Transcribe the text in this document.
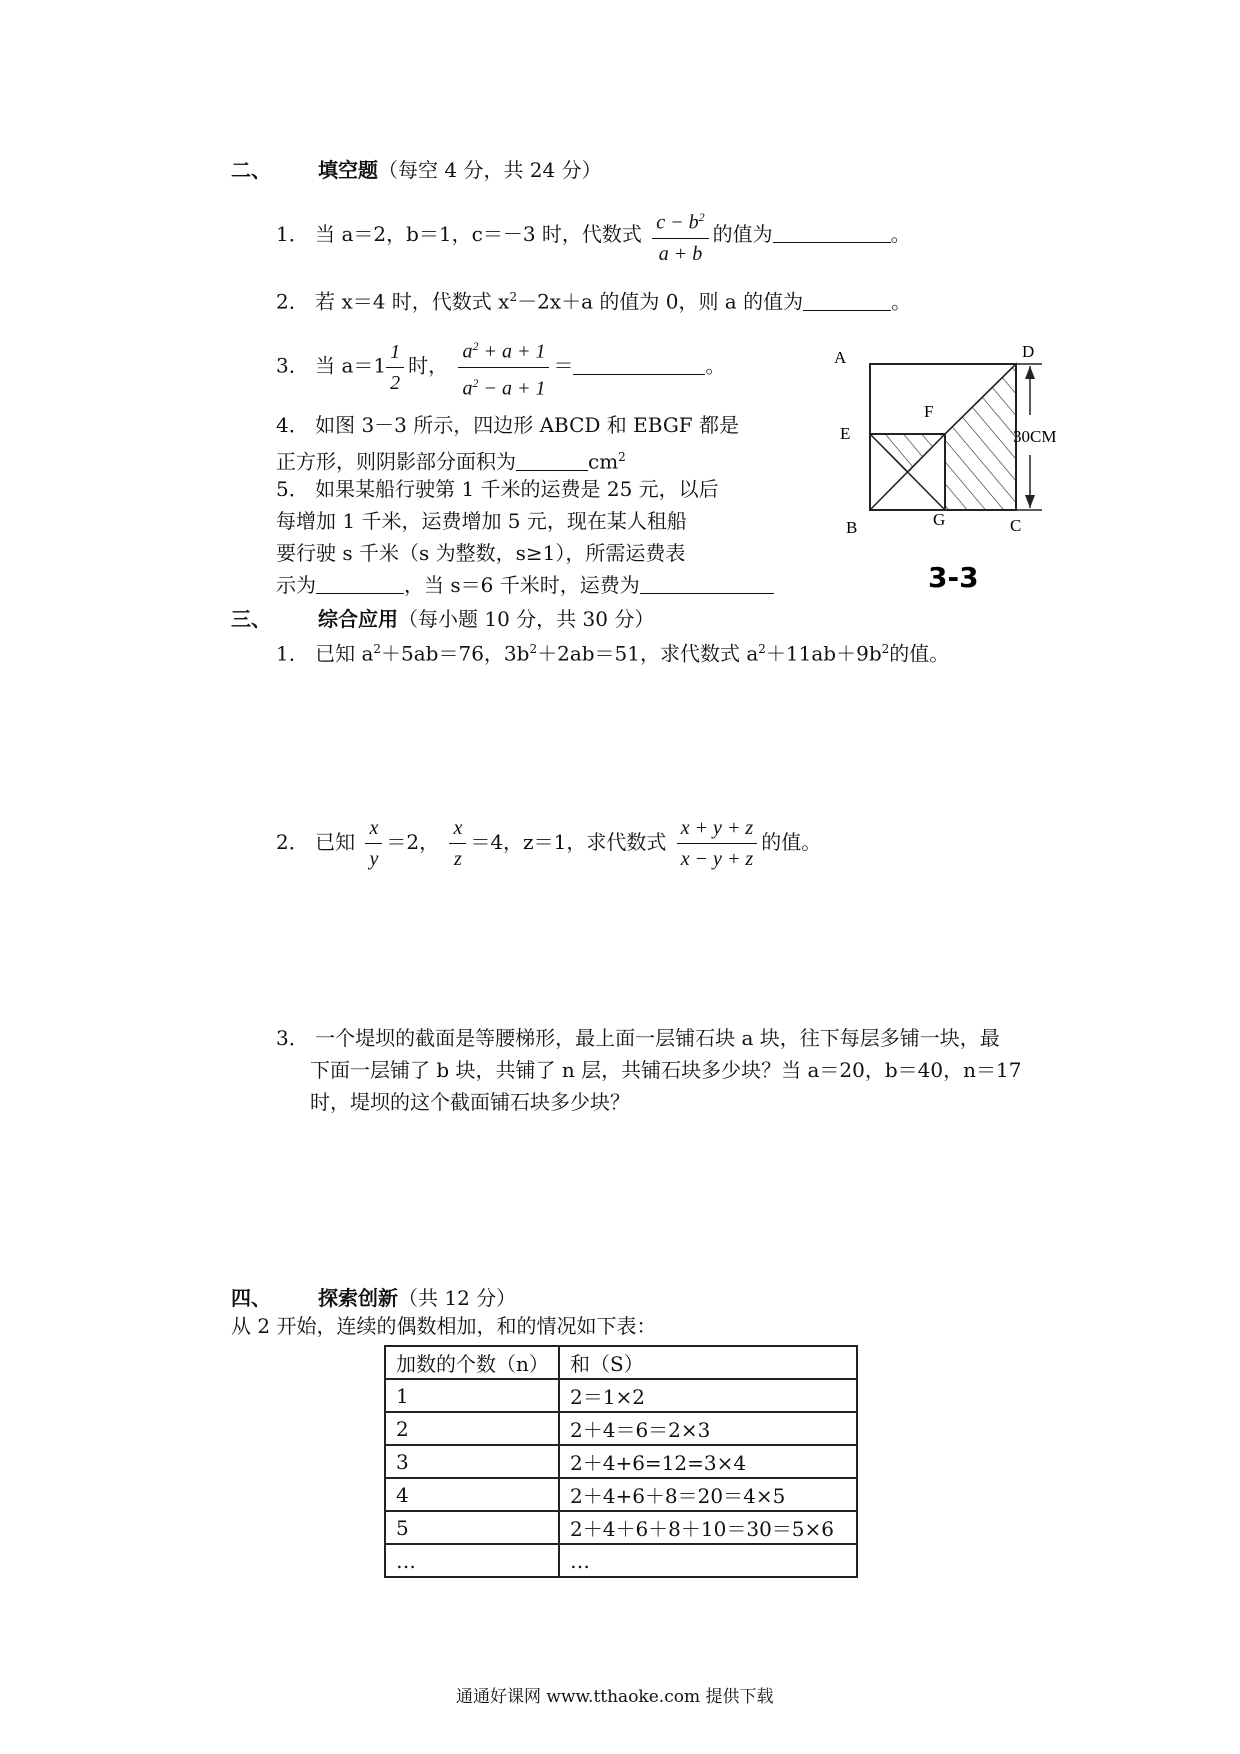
二、 填空题（每空 4 分，共 24 分）
1． 当 a＝2，b＝1，c＝－3 时，代数式 $\frac{c - b^2}{a + b}$ 的值为	。
2． 若 x＝4 时，代数式 $x^2-2x+a$ 的值为 0，则 a 的值为	。
3． 当 $a=1 \frac{1}{2}$ 时， $\frac{a^2 + a + 1}{a^2 - a + 1}$ ＝	。
4． 如图 3－3 所示，四边形 ABCD 和 EBGF 都是
正方形，则阴影部分面积为	$cm^2$
5． 如果某船行驶第 1 千米的运费是 25 元，以后
每增加 1 千米，运费增加 5 元，现在某人租船
要行驶 s 千米（s 为整数，s≥1），所需运费表
示为	，当 s＝6 千米时，运费为
A	D
E
F
B	G	C
30CM
3-3
三、 综合应用（每小题 10 分，共 30 分）
1． 已知 $a^2+5ab=76$，$3b^2+2ab=51$，求代数式 $a^2+11ab+9b^2$的值。
2． 已知 $\frac{x}{y} =2$， $\frac{x}{z} =4$，z＝1，求代数式 $\frac{x + y + z}{x - y + z}$ 的值。
3． 一个堤坝的截面是等腰梯形，最上面一层铺石块 a 块，往下每层多铺一块，最
下面一层铺了 b 块，共铺了 n 层，共铺石块多少块？当 a＝20，b＝40，n＝17
时，堤坝的这个截面铺石块多少块？
四、 探索创新（共 12 分）
从 2 开始，连续的偶数相加，和的情况如下表：
加数的个数（n）	和（S）
1	2＝1×2
2	2＋4＝6＝2×3
3	2＋4+6=12=3×4
4	2＋4+6＋8＝20＝4×5
5	2＋4＋6＋8＋10＝30＝5×6
…	…
通通好课网 www.tthaoke.com 提供下载
